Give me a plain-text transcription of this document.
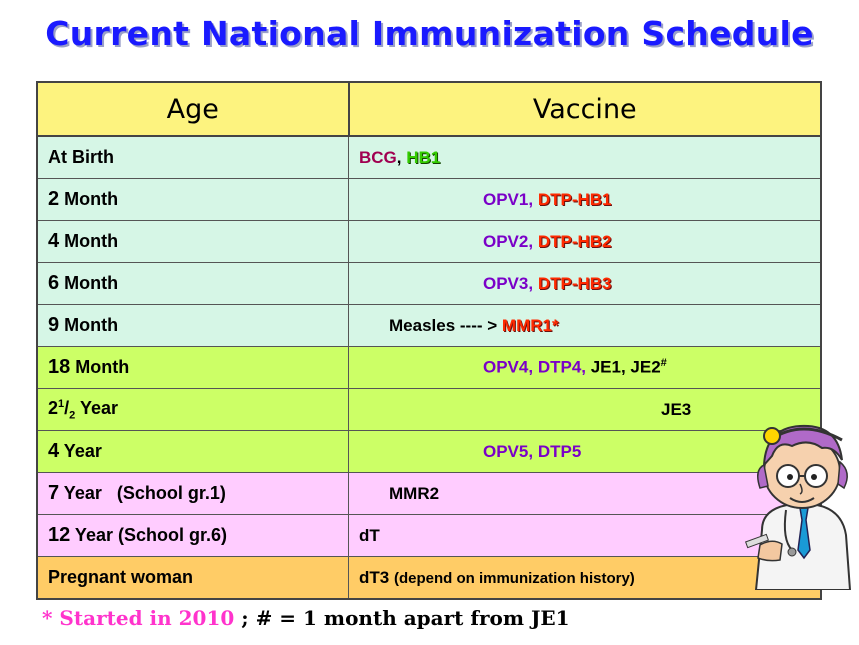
Current National Immunization Schedule
Age	Vaccine
At Birth	BCG, HB1
2 Month	OPV1, DTP-HB1
4 Month	OPV2, DTP-HB2
6 Month	OPV3, DTP-HB3
9 Month	Measles ---- > MMR1*
18 Month	OPV4, DTP4, JE1, JE2#
$2^1/_2$ Year	JE3
4 Year	OPV5, DTP5
7 Year (School gr.1)	MMR2
12 Year (School gr.6)	dT
Pregnant woman	dT3 (depend on immunization history)
* Started in 2010 ; # = 1 month apart from JE1
